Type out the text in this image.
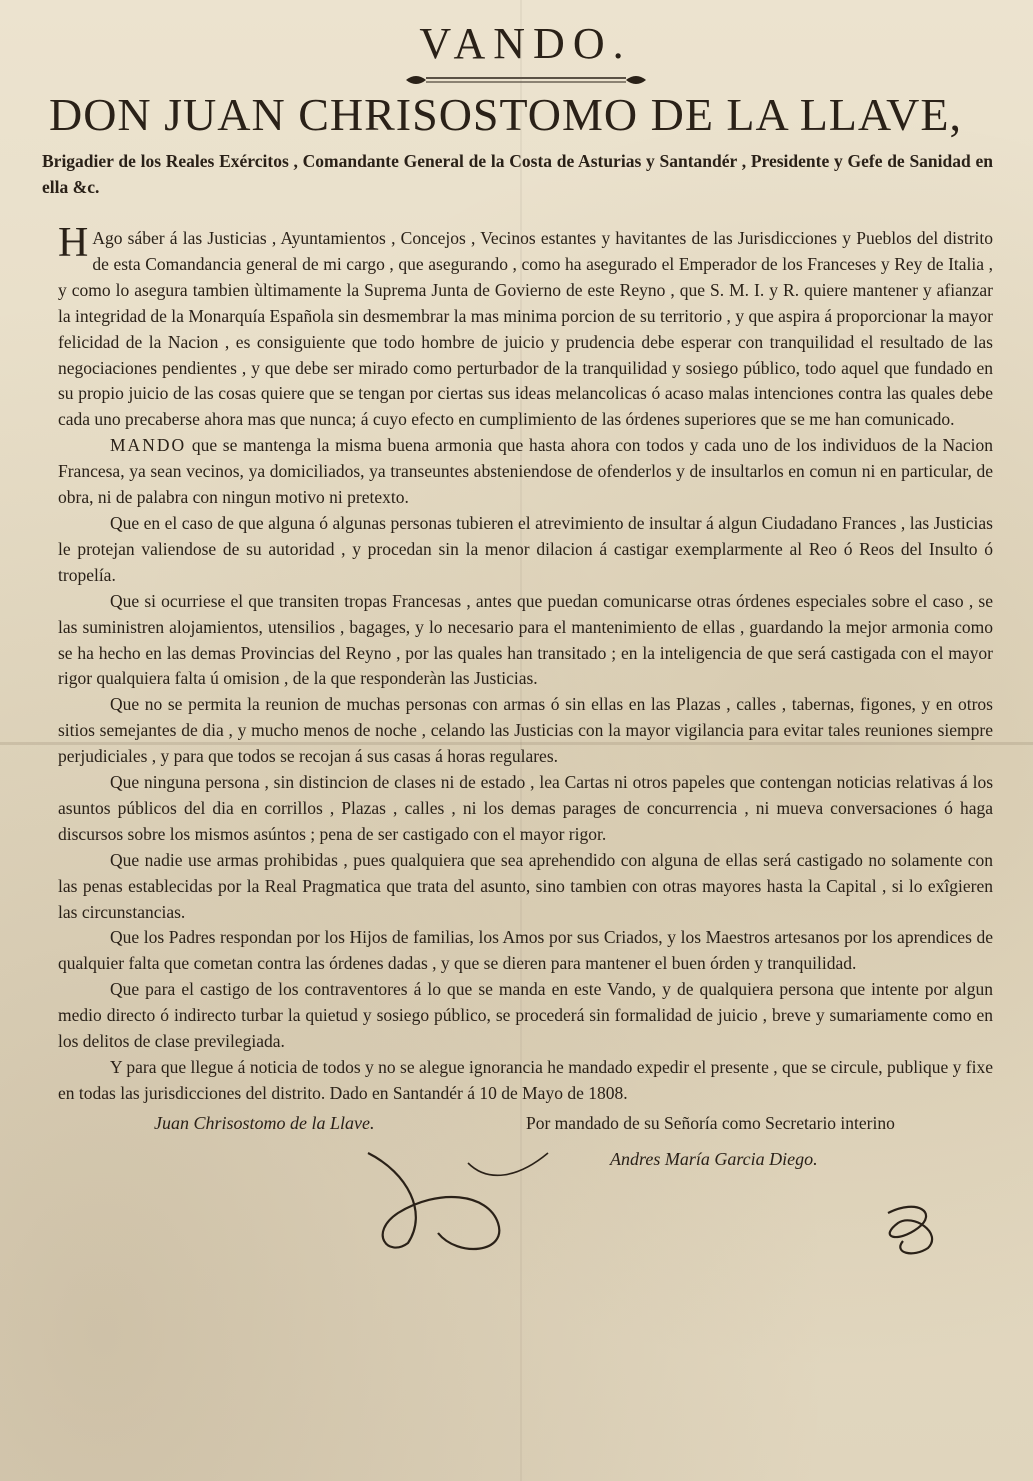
VANDO.
DON JUAN CHRISOSTOMO DE LA LLAVE,
Brigadier de los Reales Exércitos , Comandante General de la Costa de Asturias y Santandér , Presidente y Gefe de Sanidad en ella &c.

H Ago sáber á las Justicias , Ayuntamientos , Concejos , Vecinos estantes y havitantes de las Jurisdicciones y Pueblos del distrito de esta Comandancia general de mi cargo , que asegurando , como ha asegurado el Emperador de los Franceses y Rey de Italia , y como lo asegura tambien ùltimamente la Suprema Junta de Govierno de este Reyno , que S. M. I. y R. quiere mantener y afianzar la integridad de la Monarquía Española sin desmembrar la mas minima porcion de su territorio , y que aspira á proporcionar la mayor felicidad de la Nacion , es consiguiente que todo hombre de juicio y prudencia debe esperar con tranquilidad el resultado de las negociaciones pendientes , y que debe ser mirado como perturbador de la tranquilidad y sosiego público, todo aquel que fundado en su propio juicio de las cosas quiere que se tengan por ciertas sus ideas melancolicas ó acaso malas intenciones contra las quales debe cada uno precaberse ahora mas que nunca; á cuyo efecto en cumplimiento de las órdenes superiores que se me han comunicado.

MANDO que se mantenga la misma buena armonia que hasta ahora con todos y cada uno de los individuos de la Nacion Francesa, ya sean vecinos, ya domiciliados, ya transeuntes absteniendose de ofenderlos y de insultarlos en comun ni en particular, de obra, ni de palabra con ningun motivo ni pretexto.

Que en el caso de que alguna ó algunas personas tubieren el atrevimiento de insultar á algun Ciudadano Frances , las Justicias le protejan valiendose de su autoridad , y procedan sin la menor dilacion á castigar exemplarmente al Reo ó Reos del Insulto ó tropelía.

Que si ocurriese el que transiten tropas Francesas , antes que puedan comunicarse otras órdenes especiales sobre el caso , se las suministren alojamientos, utensilios , bagages, y lo necesario para el mantenimiento de ellas , guardando la mejor armonia como se ha hecho en las demas Provincias del Reyno , por las quales han transitado ; en la inteligencia de que será castigada con el mayor rigor qualquiera falta ú omision , de la que responderàn las Justicias.

Que no se permita la reunion de muchas personas con armas ó sin ellas en las Plazas , calles , tabernas, figones, y en otros sitios semejantes de dia , y mucho menos de noche , celando las Justicias con la mayor vigilancia para evitar tales reuniones siempre perjudiciales , y para que todos se recojan á sus casas á horas regulares.

Que ninguna persona , sin distincion de clases ni de estado , lea Cartas ni otros papeles que contengan noticias relativas á los asuntos públicos del dia en corrillos , Plazas , calles , ni los demas parages de concurrencia , ni mueva conversaciones ó haga discursos sobre los mismos asúntos ; pena de ser castigado con el mayor rigor.

Que nadie use armas prohibidas , pues qualquiera que sea aprehendido con alguna de ellas será castigado no solamente con las penas establecidas por la Real Pragmatica que trata del asunto, sino tambien con otras mayores hasta la Capital , si lo exîgieren las circunstancias.

Que los Padres respondan por los Hijos de familias, los Amos por sus Criados, y los Maestros artesanos por los aprendices de qualquier falta que cometan contra las órdenes dadas , y que se dieren para mantener el buen órden y tranquilidad.

Que para el castigo de los contraventores á lo que se manda en este Vando, y de qualquiera persona que intente por algun medio directo ó indirecto turbar la quietud y sosiego público, se procederá sin formalidad de juicio , breve y sumariamente como en los delitos de clase previlegiada.

Y para que llegue á noticia de todos y no se alegue ignorancia he mandado expedir el presente , que se circule, publique y fixe en todas las jurisdicciones del distrito. Dado en Santandér á 10 de Mayo de 1808.

Juan Chrisostomo de la Llave.	Por mandado de su Señoría como Secretario interino
Andres María Garcia Diego.
